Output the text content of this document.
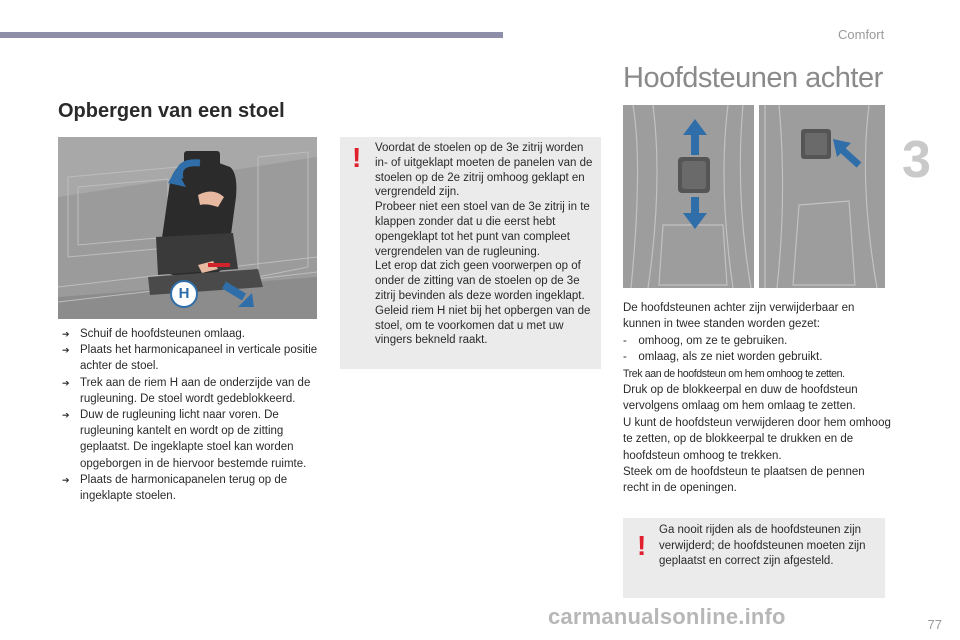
Comfort
3
Opbergen van een stoel
H
➔ Schuif de hoofdsteunen omlaag.
➔ Plaats het harmonicapaneel in verticale positie achter de stoel.
➔ Trek aan de riem H aan de onderzijde van de rugleuning. De stoel wordt gedeblokkeerd.
➔ Duw de rugleuning licht naar voren. De rugleuning kantelt en wordt op de zitting geplaatst. De ingeklapte stoel kan worden opgeborgen in de hiervoor bestemde ruimte.
➔ Plaats de harmonicapanelen terug op de ingeklapte stoelen.
! Voordat de stoelen op de 3e zitrij worden in- of uitgeklapt moeten de panelen van de stoelen op de 2e zitrij omhoog geklapt en vergrendeld zijn.
Probeer niet een stoel van de 3e zitrij in te klappen zonder dat u die eerst hebt opengeklapt tot het punt van compleet vergrendelen van de rugleuning.
Let erop dat zich geen voorwerpen op of onder de zitting van de stoelen op de 3e zitrij bevinden als deze worden ingeklapt.
Geleid riem H niet bij het opbergen van de stoel, om te voorkomen dat u met uw vingers bekneld raakt.
Hoofdsteunen achter

De hoofdsteunen achter zijn verwijderbaar en kunnen in twee standen worden gezet:

- omhoog, om ze te gebruiken.

- omlaag, als ze niet worden gebruikt.

Trek aan de hoofdsteun om hem omhoog te zetten.

Druk op de blokkeerpal en duw de hoofdsteun vervolgens omlaag om hem omlaag te zetten.

U kunt de hoofdsteun verwijderen door hem omhoog te zetten, op de blokkeerpal te drukken en de hoofdsteun omhoog te trekken.

Steek om de hoofdsteun te plaatsen de pennen recht in de openingen.

! Ga nooit rijden als de hoofdsteunen zijn verwijderd; de hoofdsteunen moeten zijn geplaatst en correct zijn afgesteld.
carmanualsonline.info	77
